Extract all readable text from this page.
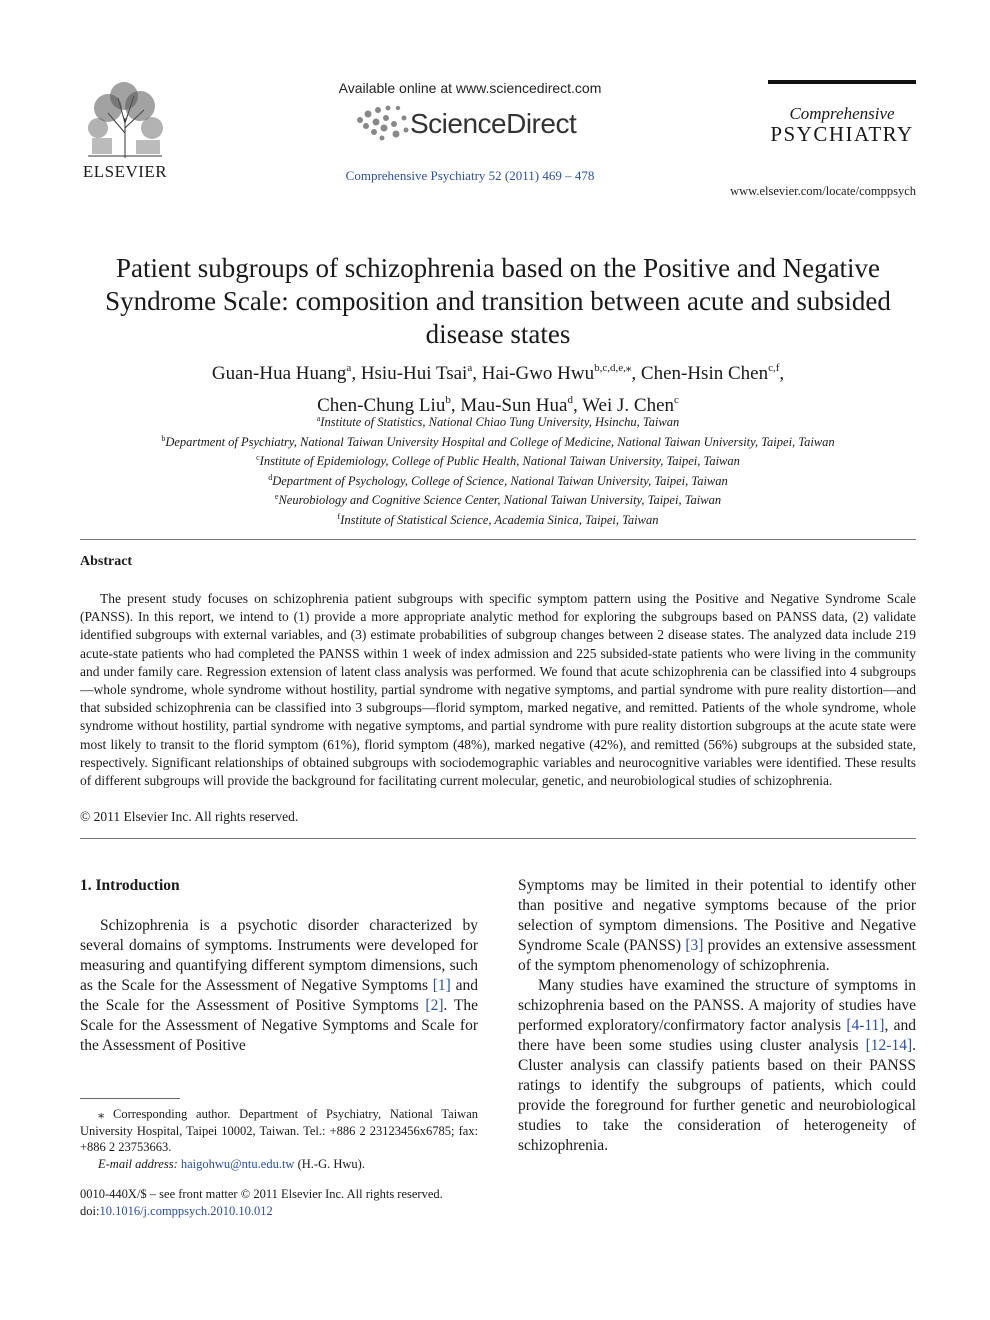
ELSEVIER
Available online at www.sciencedirect.com
ScienceDirect
Comprehensive Psychiatry 52 (2011) 469 – 478
Comprehensive
PSYCHIATRY
www.elsevier.com/locate/comppsych
Patient subgroups of schizophrenia based on the Positive and Negative Syndrome Scale: composition and transition between acute and subsided disease states
Guan-Hua Huang$^a$, Hsiu-Hui Tsai$^a$, Hai-Gwo Hwu$^{b,c,d,e,⁎}$, Chen-Hsin Chen$^{c,f}$,
Chen-Chung Liu$^b$, Mau-Sun Hua$^d$, Wei J. Chen$^c$
$^a$Institute of Statistics, National Chiao Tung University, Hsinchu, Taiwan
$^b$Department of Psychiatry, National Taiwan University Hospital and College of Medicine, National Taiwan University, Taipei, Taiwan
$^c$Institute of Epidemiology, College of Public Health, National Taiwan University, Taipei, Taiwan
$^d$Department of Psychology, College of Science, National Taiwan University, Taipei, Taiwan
$^e$Neurobiology and Cognitive Science Center, National Taiwan University, Taipei, Taiwan
$^f$Institute of Statistical Science, Academia Sinica, Taipei, Taiwan
Abstract
The present study focuses on schizophrenia patient subgroups with specific symptom pattern using the Positive and Negative Syndrome Scale (PANSS). In this report, we intend to (1) provide a more appropriate analytic method for exploring the subgroups based on PANSS data, (2) validate identified subgroups with external variables, and (3) estimate probabilities of subgroup changes between 2 disease states. The analyzed data include 219 acute-state patients who had completed the PANSS within 1 week of index admission and 225 subsided-state patients who were living in the community and under family care. Regression extension of latent class analysis was performed. We found that acute schizophrenia can be classified into 4 subgroups—whole syndrome, whole syndrome without hostility, partial syndrome with negative symptoms, and partial syndrome with pure reality distortion—and that subsided schizophrenia can be classified into 3 subgroups—florid symptom, marked negative, and remitted. Patients of the whole syndrome, whole syndrome without hostility, partial syndrome with negative symptoms, and partial syndrome with pure reality distortion subgroups at the acute state were most likely to transit to the florid symptom (61%), florid symptom (48%), marked negative (42%), and remitted (56%) subgroups at the subsided state, respectively. Significant relationships of obtained subgroups with sociodemographic variables and neurocognitive variables were identified. These results of different subgroups will provide the background for facilitating current molecular, genetic, and neurobiological studies of schizophrenia.
© 2011 Elsevier Inc. All rights reserved.

1. Introduction

Schizophrenia is a psychotic disorder characterized by several domains of symptoms. Instruments were developed for measuring and quantifying different symptom dimensions, such as the Scale for the Assessment of Negative Symptoms [1] and the Scale for the Assessment of Positive Symptoms [2]. The Scale for the Assessment of Negative Symptoms and Scale for the Assessment of Positive

⁎ Corresponding author. Department of Psychiatry, National Taiwan University Hospital, Taipei 10002, Taiwan. Tel.: +886 2 23123456x6785; fax: +886 2 23753663.

E-mail address: haigohwu@ntu.edu.tw (H.-G. Hwu).

0010-440X/$ – see front matter © 2011 Elsevier Inc. All rights reserved.
doi:10.1016/j.comppsych.2010.10.012

Symptoms may be limited in their potential to identify other than positive and negative symptoms because of the prior selection of symptom dimensions. The Positive and Negative Syndrome Scale (PANSS) [3] provides an extensive assessment of the symptom phenomenology of schizophrenia.

Many studies have examined the structure of symptoms in schizophrenia based on the PANSS. A majority of studies have performed exploratory/confirmatory factor analysis [4-11], and there have been some studies using cluster analysis [12-14]. Cluster analysis can classify patients based on their PANSS ratings to identify the subgroups of patients, which could provide the foreground for further genetic and neurobiological studies to take the consideration of heterogeneity of schizophrenia.
